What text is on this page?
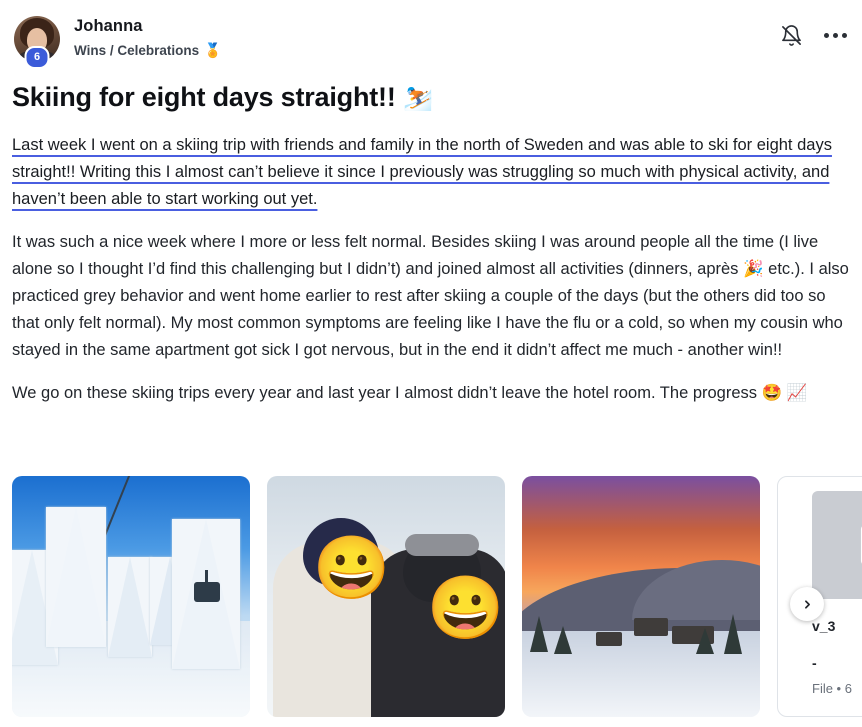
6
Johanna
Wins / Celebrations 🏅
Skiing for eight days straight!! ⛷️

Last week I went on a skiing trip with friends and family in the north of Sweden and was able to ski for eight days straight!! Writing this I almost can’t believe it since I previously was struggling so much with physical activity, and haven’t been able to start working out yet.

It was such a nice week where I more or less felt normal. Besides skiing I was around people all the time (I live alone so I thought I’d find this challenging but I didn’t) and joined almost all activities (dinners, après 🎉 etc.). I also practiced grey behavior and went home earlier to rest after skiing a couple of the days (but the others did too so that only felt normal). My most common symptoms are feeling like I have the flu or a cold, so when my cousin who stayed in the same apartment got sick I got nervous, but in the end it didn’t affect me much - another win!!

We go on these skiing trips every year and last year I almost didn’t leave the hotel room. The progress 🤩 📈

😀
😀	v_3
-
File • 6
